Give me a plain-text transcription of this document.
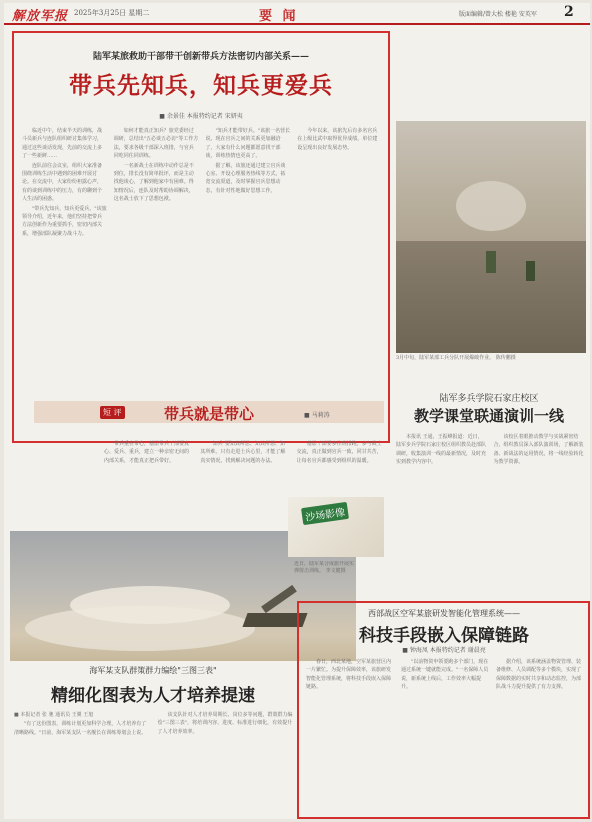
解放军报 2025年3月25日 星期二	要 闻	版面编辑/曾大松 楼艳 安英军 2
陆军某旅救助干部带干创新带兵方法密切内部关系——
带兵先知兵，知兵更爱兵
■ 余景佳 本报特约记者 宋妍夷

临近中午，结束半天的训练，战斗员新兵与连队组织研讨集体学习，通过这些谈话发现，先前的交流上多了一些新鲜……

连队前往会议室，组织大家准备围绕训练生活中遇到的困难开展讨论。在交流中，大家纷纷袒露心声，有的谈到训练中的压力，有的聊到个人生活的困惑。

"带兵先知兵，知兵更爱兵。"该旅领导介绍，近年来，他们坚持把带兵方法创新作为重要抓手，密切内部关系，增强部队凝聚力战斗力。

如何才能真正知兵？旅党委经过调研，总结出"五必谈五必访"等工作方法，要求各级干部深入班排，与官兵同吃同住同训练。

一名新战士在训练中动作总是不到位，排长没有简单批评，而是主动找他谈心，了解到他家中有困难。得知情况后，连队及时帮助协调解决，这名战士放下了思想包袱。

"知兵才能带好兵。"该旅一名营长说，现在官兵之间的关系更加融洽了，大家有什么问题都愿意找干部谈，训练热情也更高了。

据了解，该旅还通过建立官兵谈心室、开设心理服务热线等方式，拓宽交流渠道，及时掌握官兵思想动态，有针对性地做好思想工作。

今年以来，该旅先后有多名官兵在上级比武中取得优异成绩，单位建设呈现出良好发展态势。

3月中旬，陆军某部工兵分队开展爆破作业。 陈传鹏摄
短 评	带兵就是带心	■ 马莉涛

带兵重在带心，基层带兵干部要真心、爱兵、重兵，建立一种亲密无间的内部关系，才能真正把兵带好。

"知兵"要知其所思、知其所想、知其所难。只有走进士兵心里，才能了解真实情况，找到解决问题的办法。

基层干部要多往班排跑，多与战士交流，真正做到官兵一致、同甘共苦，让每名官兵都感受到组织的温暖。

沙场影像
近日，陆军某合成旅开展实弹射击训练。 李文健摄
海军某支队群策群力编绘"三图三表"
精细化图表为人才培养提速

■ 本报记者 张 驰 通讯员 王翼 王旭

"有了这份图表，训练计划更加科学合理，人才培养有了清晰路线。"日前，海军某支队一名舰长在训练筹划会上说。

该支队针对人才培养周期长、岗位多等问题，群策群力编绘"三图三表"，将培训内容、进度、标准进行细化，有效提升了人才培养效率。

陆军多兵学院石家庄校区
教学课堂联通演训一线

本报讯 王通、王振峰报道：近日，陆军步兵学院石家庄校区组织教员赴部队调研，收集演训一线的最新情况，及时充实到教学内容中。

该校区着眼推动教学与实战紧密结合，组织教员深入部队演训场，了解新装备、新战法的运用情况，将一线经验转化为教学资源。

西部战区空军某旅研发智能化管理系统——
科技手段嵌入保障链路
■ 钟海凤 本报特约记者 谢晨亮

春日，西北某地，空军某旅营区内一片繁忙。为提升保障效率，该旅研发智能化管理系统，将科技手段嵌入保障链路。

"以前物资申领要跑多个部门，现在通过系统一键就能完成。"一名保障人员说，新系统上线后，工作效率大幅提升。

据介绍，该系统涵盖物资管理、装备维修、人员调配等多个模块，实现了保障数据的实时共享和动态监控，为部队战斗力提升提供了有力支撑。
